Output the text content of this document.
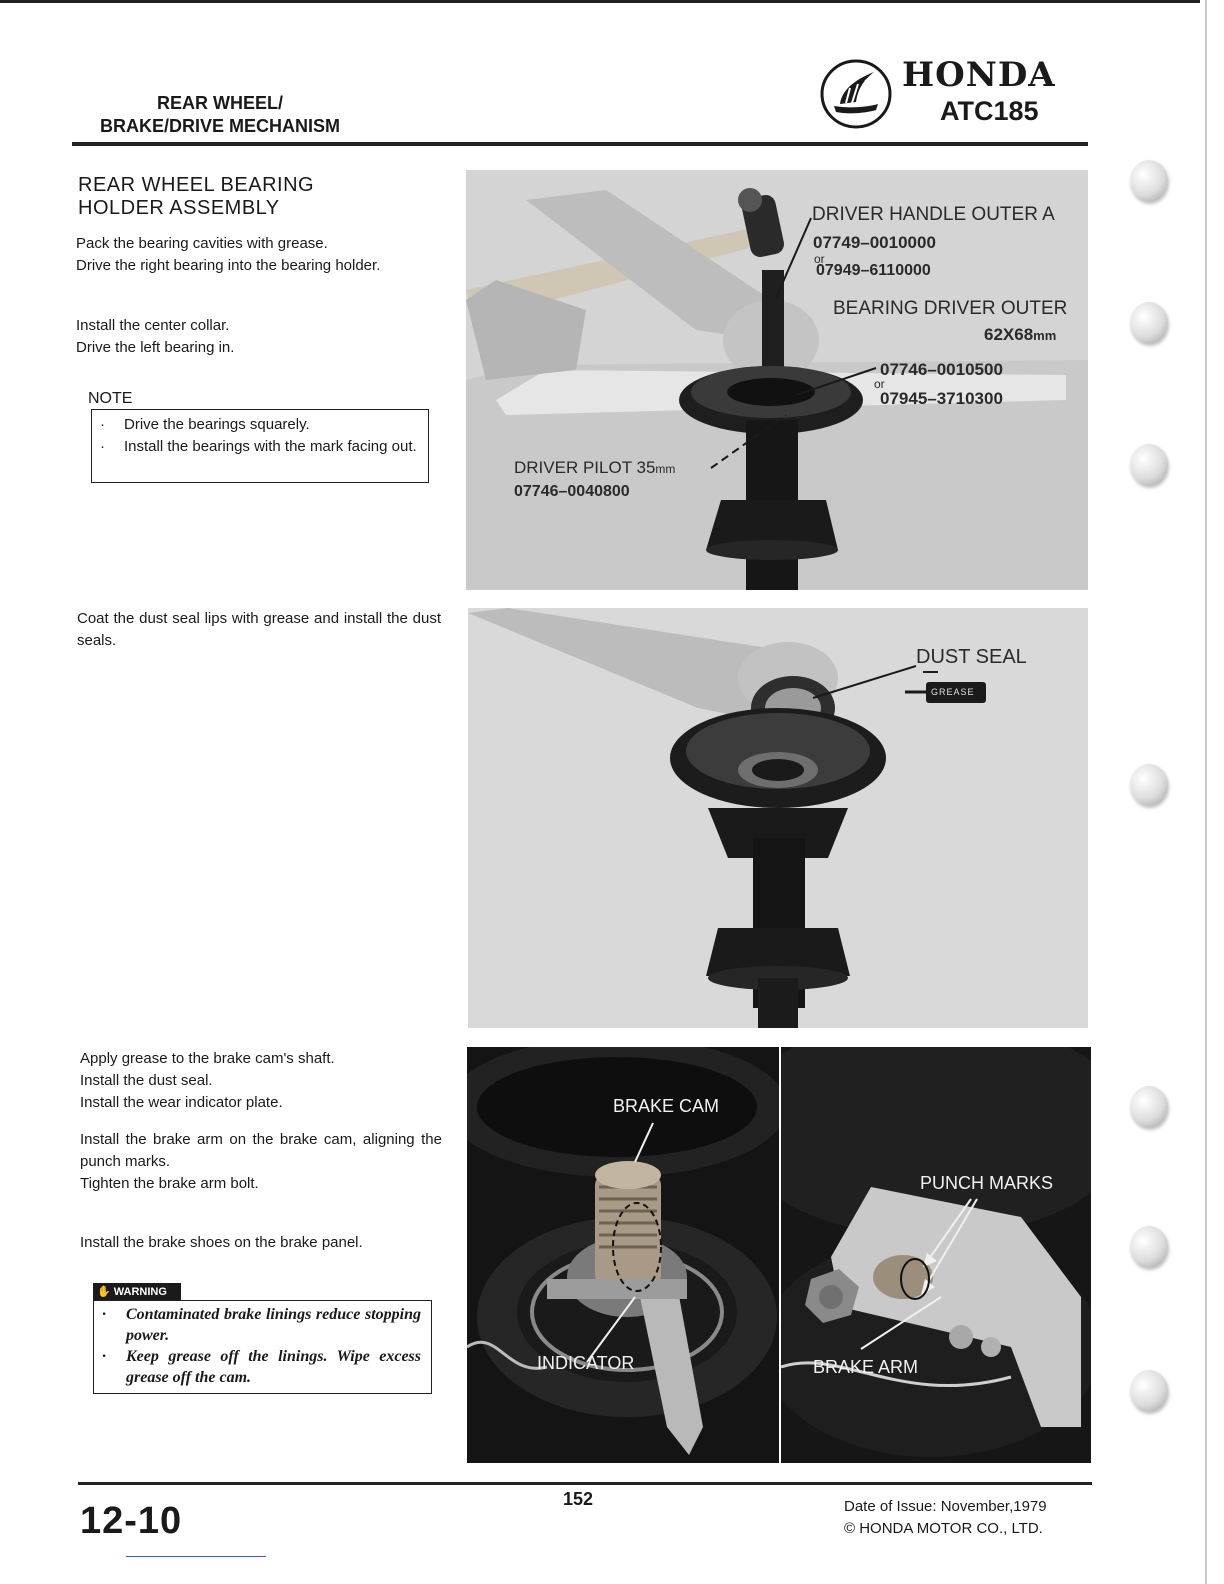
REAR WHEEL/
BRAKE/DRIVE MECHANISM
HONDA
ATC185
REAR WHEEL BEARING
HOLDER ASSEMBLY

Pack the bearing cavities with grease.

Drive the right bearing into the bearing holder.

Install the center collar.

Drive the left bearing in.

NOTE
·	Drive the bearings squarely.
·	Install the bearings with the mark facing out.
DRIVER HANDLE OUTER A
07749–0010000
or
07949–6110000
BEARING DRIVER OUTER
62X68mm
07746–0010500
or
07945–3710300
DRIVER PILOT 35mm
07746–0040800
Coat the dust seal lips with grease and install the dust seals.
DUST SEAL
GREASE

Apply grease to the brake cam's shaft.

Install the dust seal.

Install the wear indicator plate.

Install the brake arm on the brake cam, aligning the punch marks.

Tighten the brake arm bolt.

Install the brake shoes on the brake panel.
✋ WARNING
·	Contaminated brake linings reduce stopping power.
·	Keep grease off the linings. Wipe excess grease off the cam.
BRAKE CAM
INDICATOR
PUNCH MARKS
BRAKE ARM
12-10
152	Date of Issue: November,1979
© HONDA MOTOR CO., LTD.
